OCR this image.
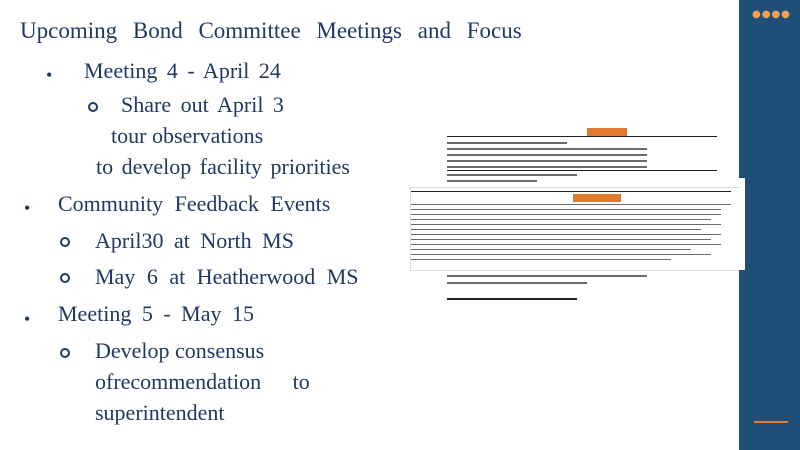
Upcoming Bond Committee Meetings and Focus
• Meeting 4 - April 24
Share out April 3
tour observations
to develop facility priorities
• Community Feedback Events
April30 at North MS
May 6 at Heatherwood MS
• Meeting 5 - May 15
Develop consensus
ofrecommendation to
superintendent
●●●●
